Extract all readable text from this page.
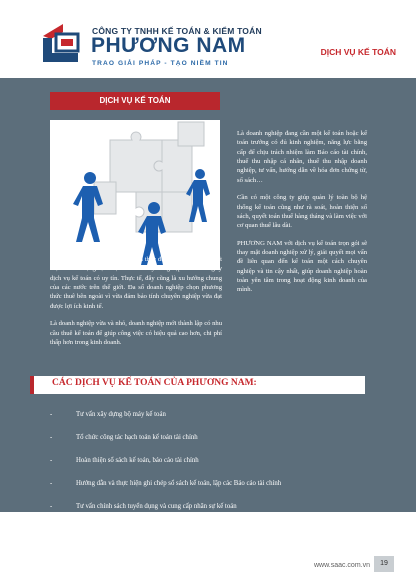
CÔNG TY TNHH KẾ TOÁN & KIỂM TOÁN
PHƯƠNG NAM
TRAO GIẢI PHÁP - TẠO NIỀM TIN
DỊCH VỤ KẾ TOÁN
DỊCH VỤ KẾ TOÁN

Là doanh nghiệp đang cần một kế toán hoặc kế toán trưởng có đủ kinh nghiệm, năng lực bằng cấp để chịu trách nhiệm làm Báo cáo tài chính, thuế thu nhập cá nhân, thuế thu nhập doanh nghiệp, tư vấn, hướng dẫn về hóa đơn chứng từ, sổ sách…

Cần có một công ty giúp quản lý toàn bộ hệ thống kế toán cũng như rà soát, hoàn thiện sổ sách, quyết toán thuế hàng tháng và làm việc với cơ quan thuế lâu dài.

PHƯƠNG NAM với dịch vụ kế toán trọn gói sẽ thay mặt doanh nghiệp xử lý, giải quyết mọi vấn đề liên quan đến kế toán một cách chuyên nghiệp và tin cậy nhất, giúp doanh nghiệp hoàn toàn yên tâm trong hoạt động kinh doanh của mình.

Hiện nay, nhiều doanh nghiệp nhìn thấy được những lợi ích thiết thực khi sử dụng dịch vụ kế toán chuyên nghiệp từ các công ty dịch vụ kế toán có uy tín. Thực tế, đây cũng là xu hướng chung của các nước trên thế giới. Đa số doanh nghiệp chọn phương thức thuê bên ngoài vì vừa đảm bảo tính chuyên nghiệp vừa đạt được lợi ích kinh tế.

Là doanh nghiệp vừa và nhỏ, doanh nghiệp mới thành lập có nhu cầu thuê kế toán để giúp công việc có hiệu quả cao hơn, chi phí thấp hơn trong kinh doanh.

CÁC DỊCH VỤ KẾ TOÁN CỦA PHƯƠNG NAM:
-	Tư vấn xây dựng bộ máy kế toán
-	Tổ chức công tác hạch toán kế toán tài chính
-	Hoàn thiện sổ sách kế toán, báo cáo tài chính
-	Hướng dẫn và thực hiện ghi chép sổ sách kế toán, lập các Báo cáo tài chính
-	Tư vấn chính sách tuyển dụng và cung cấp nhân sự kế toán
www.saac.com.vn	19
